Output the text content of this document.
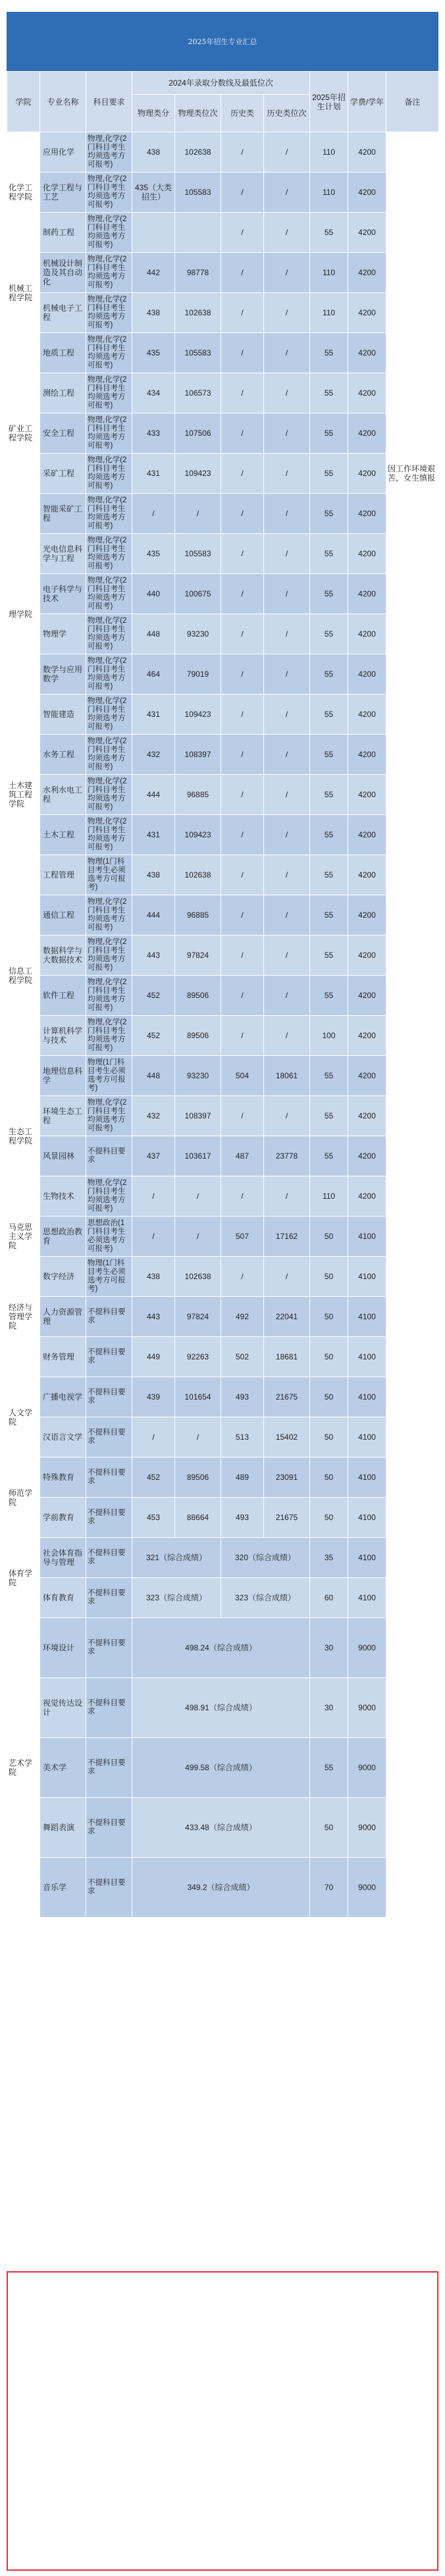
2025年招生专业汇总
学院	专业名称	科目要求	2024年录取分数线及最低位次				2025年招生计划	学费/学年	备注
			物理类分	物理类位次	历史类	历史类位次			
化学工程学院	应用化学	物理,化学(2门科目考生均须选考方可报考)	438	102638	/	/	110	4200	
	化学工程与工艺	物理,化学(2门科目考生均须选考方可报考)	435（大类招生）	105583	/	/	110	4200	
	制药工程	物理,化学(2门科目考生均须选考方可报考)			/	/	55	4200	
机械工程学院	机械设计制造及其自动化	物理,化学(2门科目考生均须选考方可报考)	442	98778	/	/	110	4200	
	机械电子工程	物理,化学(2门科目考生均须选考方可报考)	438	102638	/	/	110	4200	
矿业工程学院	地质工程	物理,化学(2门科目考生均须选考方可报考)	435	105583	/	/	55	4200	
	测绘工程	物理,化学(2门科目考生均须选考方可报考)	434	106573	/	/	55	4200	
	安全工程	物理,化学(2门科目考生均须选考方可报考)	433	107506	/	/	55	4200	
	采矿工程	物理,化学(2门科目考生均须选考方可报考)	431	109423	/	/	55	4200	因工作环境艰苦，女生慎报
	智能采矿工程	物理,化学(2门科目考生均须选考方可报考)	/	/	/	/	55	4200	
理学院	光电信息科学与工程	物理,化学(2门科目考生均须选考方可报考)	435	105583	/	/	55	4200	
	电子科学与技术	物理,化学(2门科目考生均须选考方可报考)	440	100675	/	/	55	4200	
	物理学	物理,化学(2门科目考生均须选考方可报考)	448	93230	/	/	55	4200	
	数学与应用数学	物理,化学(2门科目考生均须选考方可报考)	464	79019	/	/	55	4200	
土木建筑工程学院	智能建造	物理,化学(2门科目考生均须选考方可报考)	431	109423	/	/	55	4200	
	水务工程	物理,化学(2门科目考生均须选考方可报考)	432	108397	/	/	55	4200	
	水利水电工程	物理,化学(2门科目考生均须选考方可报考)	444	96885	/	/	55	4200	
	土木工程	物理,化学(2门科目考生均须选考方可报考)	431	109423	/	/	55	4200	
	工程管理	物理(1门科目考生必须选考方可报考)	438	102638	/	/	55	4200	
信息工程学院	通信工程	物理,化学(2门科目考生均须选考方可报考)	444	96885	/	/	55	4200	
	数据科学与大数据技术	物理,化学(2门科目考生均须选考方可报考)	443	97824	/	/	55	4200	
	软件工程	物理,化学(2门科目考生均须选考方可报考)	452	89506	/	/	55	4200	
	计算机科学与技术	物理,化学(2门科目考生均须选考方可报考)	452	89506	/	/	100	4200	
生态工程学院	地理信息科学	物理(1门科目考生必须选考方可报考)	448	93230	504	18061	55	4200	
	环境生态工程	物理,化学(2门科目考生均须选考方可报考)	432	108397	/	/	55	4200	
	风景园林	不提科目要求	437	103617	487	23778	55	4200	
	生物技术	物理,化学(2门科目考生均须选考方可报考)	/	/	/	/	110	4200	
马克思主义学院	思想政治教育	思想政治(1门科目考生必须选考方可报考)	/	/	507	17162	50	4100	
经济与管理学院	数字经济	物理(1门科目考生必须选考方可报考)	438	102638	/	/	50	4100	
	人力资源管理	不提科目要求	443	97824	492	22041	50	4100	
	财务管理	不提科目要求	449	92263	502	18681	50	4100	
人文学院	广播电视学	不提科目要求	439	101654	493	21675	50	4100	
	汉语言文学	不提科目要求	/	/	513	15402	50	4100	
师范学院	特殊教育	不提科目要求	452	89506	489	23091	50	4100	
	学前教育	不提科目要求	453	88664	493	21675	50	4100	
体育学院	社会体育指导与管理	不提科目要求	321（综合成绩）		320（综合成绩）		35	4100	
	体育教育	不提科目要求	323（综合成绩）		323（综合成绩）		60	4100	
艺术学院	环境设计	不提科目要求	498.24（综合成绩）				30	9000	
	视觉传达设计	不提科目要求	498.91（综合成绩）				30	9000	
	美术学	不提科目要求	499.58（综合成绩）				55	9000	
	舞蹈表演	不提科目要求	433.48（综合成绩）				50	9000	
	音乐学	不提科目要求	349.2（综合成绩）				70	9000	
